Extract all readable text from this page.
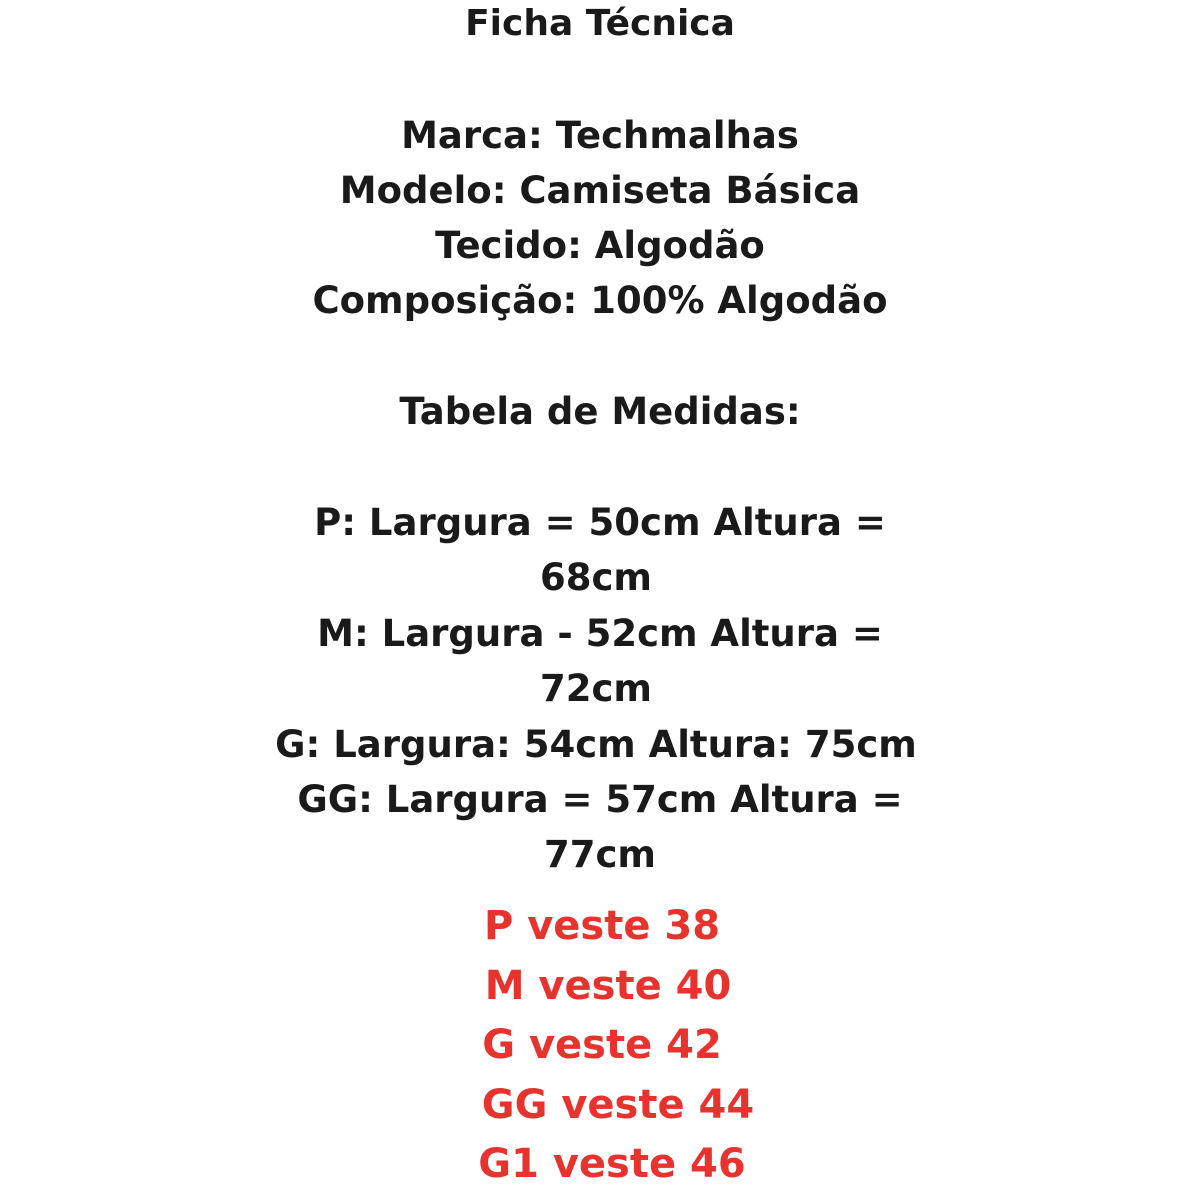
Ficha Técnica
Marca: Techmalhas
Modelo: Camiseta Básica
Tecido: Algodão
Composição: 100% Algodão
Tabela de Medidas:
P: Largura = 50cm Altura =
68cm
M: Largura - 52cm Altura =
72cm
G: Largura: 54cm Altura: 75cm
GG: Largura = 57cm Altura =
77cm
P veste 38
M veste 40
G veste 42
GG veste 44
G1 veste 46
